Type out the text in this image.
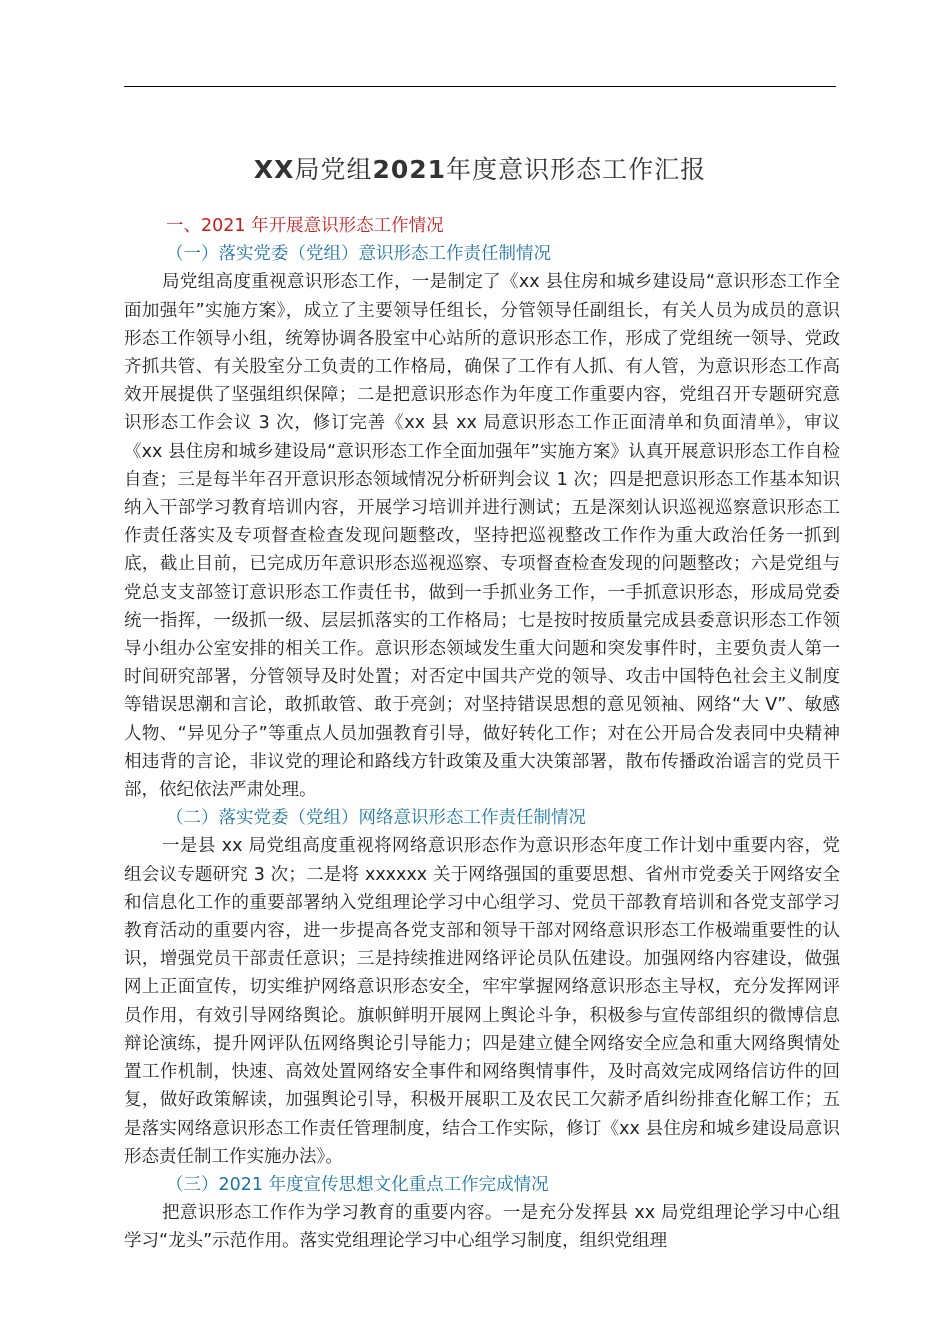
XX局党组2021年度意识形态工作汇报
一、2021 年开展意识形态工作情况
（一）落实党委（党组）意识形态工作责任制情况
局党组高度重视意识形态工作，一是制定了《xx 县住房和城乡建设局“意识形态工作全面加强年”实施方案》，成立了主要领导任组长，分管领导任副组长，有关人员为成员的意识形态工作领导小组，统筹协调各股室中心站所的意识形态工作，形成了党组统一领导、党政齐抓共管、有关股室分工负责的工作格局，确保了工作有人抓、有人管，为意识形态工作高效开展提供了坚强组织保障；二是把意识形态作为年度工作重要内容，党组召开专题研究意识形态工作会议 3 次，修订完善《xx 县 xx 局意识形态工作正面清单和负面清单》，审议《xx 县住房和城乡建设局“意识形态工作全面加强年”实施方案》认真开展意识形态工作自检自查；三是每半年召开意识形态领域情况分析研判会议 1 次；四是把意识形态工作基本知识纳入干部学习教育培训内容，开展学习培训并进行测试；五是深刻认识巡视巡察意识形态工作责任落实及专项督查检查发现问题整改，坚持把巡视整改工作作为重大政治任务一抓到底，截止目前，已完成历年意识形态巡视巡察、专项督查检查发现的问题整改；六是党组与党总支支部签订意识形态工作责任书，做到一手抓业务工作，一手抓意识形态，形成局党委统一指挥，一级抓一级、层层抓落实的工作格局；七是按时按质量完成县委意识形态工作领导小组办公室安排的相关工作。意识形态领域发生重大问题和突发事件时，主要负责人第一时间研究部署，分管领导及时处置；对否定中国共产党的领导、攻击中国特色社会主义制度等错误思潮和言论，敢抓敢管、敢于亮剑；对坚持错误思想的意见领袖、网络“大 V”、敏感人物、“异见分子”等重点人员加强教育引导，做好转化工作；对在公开局合发表同中央精神相违背的言论，非议党的理论和路线方针政策及重大决策部署，散布传播政治谣言的党员干部，依纪依法严肃处理。
（二）落实党委（党组）网络意识形态工作责任制情况
一是县 xx 局党组高度重视将网络意识形态作为意识形态年度工作计划中重要内容，党组会议专题研究 3 次；二是将 xxxxxx 关于网络强国的重要思想、省州市党委关于网络安全和信息化工作的重要部署纳入党组理论学习中心组学习、党员干部教育培训和各党支部学习教育活动的重要内容，进一步提高各党支部和领导干部对网络意识形态工作极端重要性的认识，增强党员干部责任意识；三是持续推进网络评论员队伍建设。加强网络内容建设，做强网上正面宣传，切实维护网络意识形态安全，牢牢掌握网络意识形态主导权，充分发挥网评员作用，有效引导网络舆论。旗帜鲜明开展网上舆论斗争，积极参与宣传部组织的微博信息辩论演练，提升网评队伍网络舆论引导能力；四是建立健全网络安全应急和重大网络舆情处置工作机制，快速、高效处置网络安全事件和网络舆情事件，及时高效完成网络信访件的回复，做好政策解读，加强舆论引导，积极开展职工及农民工欠薪矛盾纠纷排查化解工作；五是落实网络意识形态工作责任管理制度，结合工作实际，修订《xx 县住房和城乡建设局意识形态责任制工作实施办法》。
（三）2021 年度宣传思想文化重点工作完成情况
把意识形态工作作为学习教育的重要内容。一是充分发挥县 xx 局党组理论学习中心组学习“龙头”示范作用。落实党组理论学习中心组学习制度，组织党组理
